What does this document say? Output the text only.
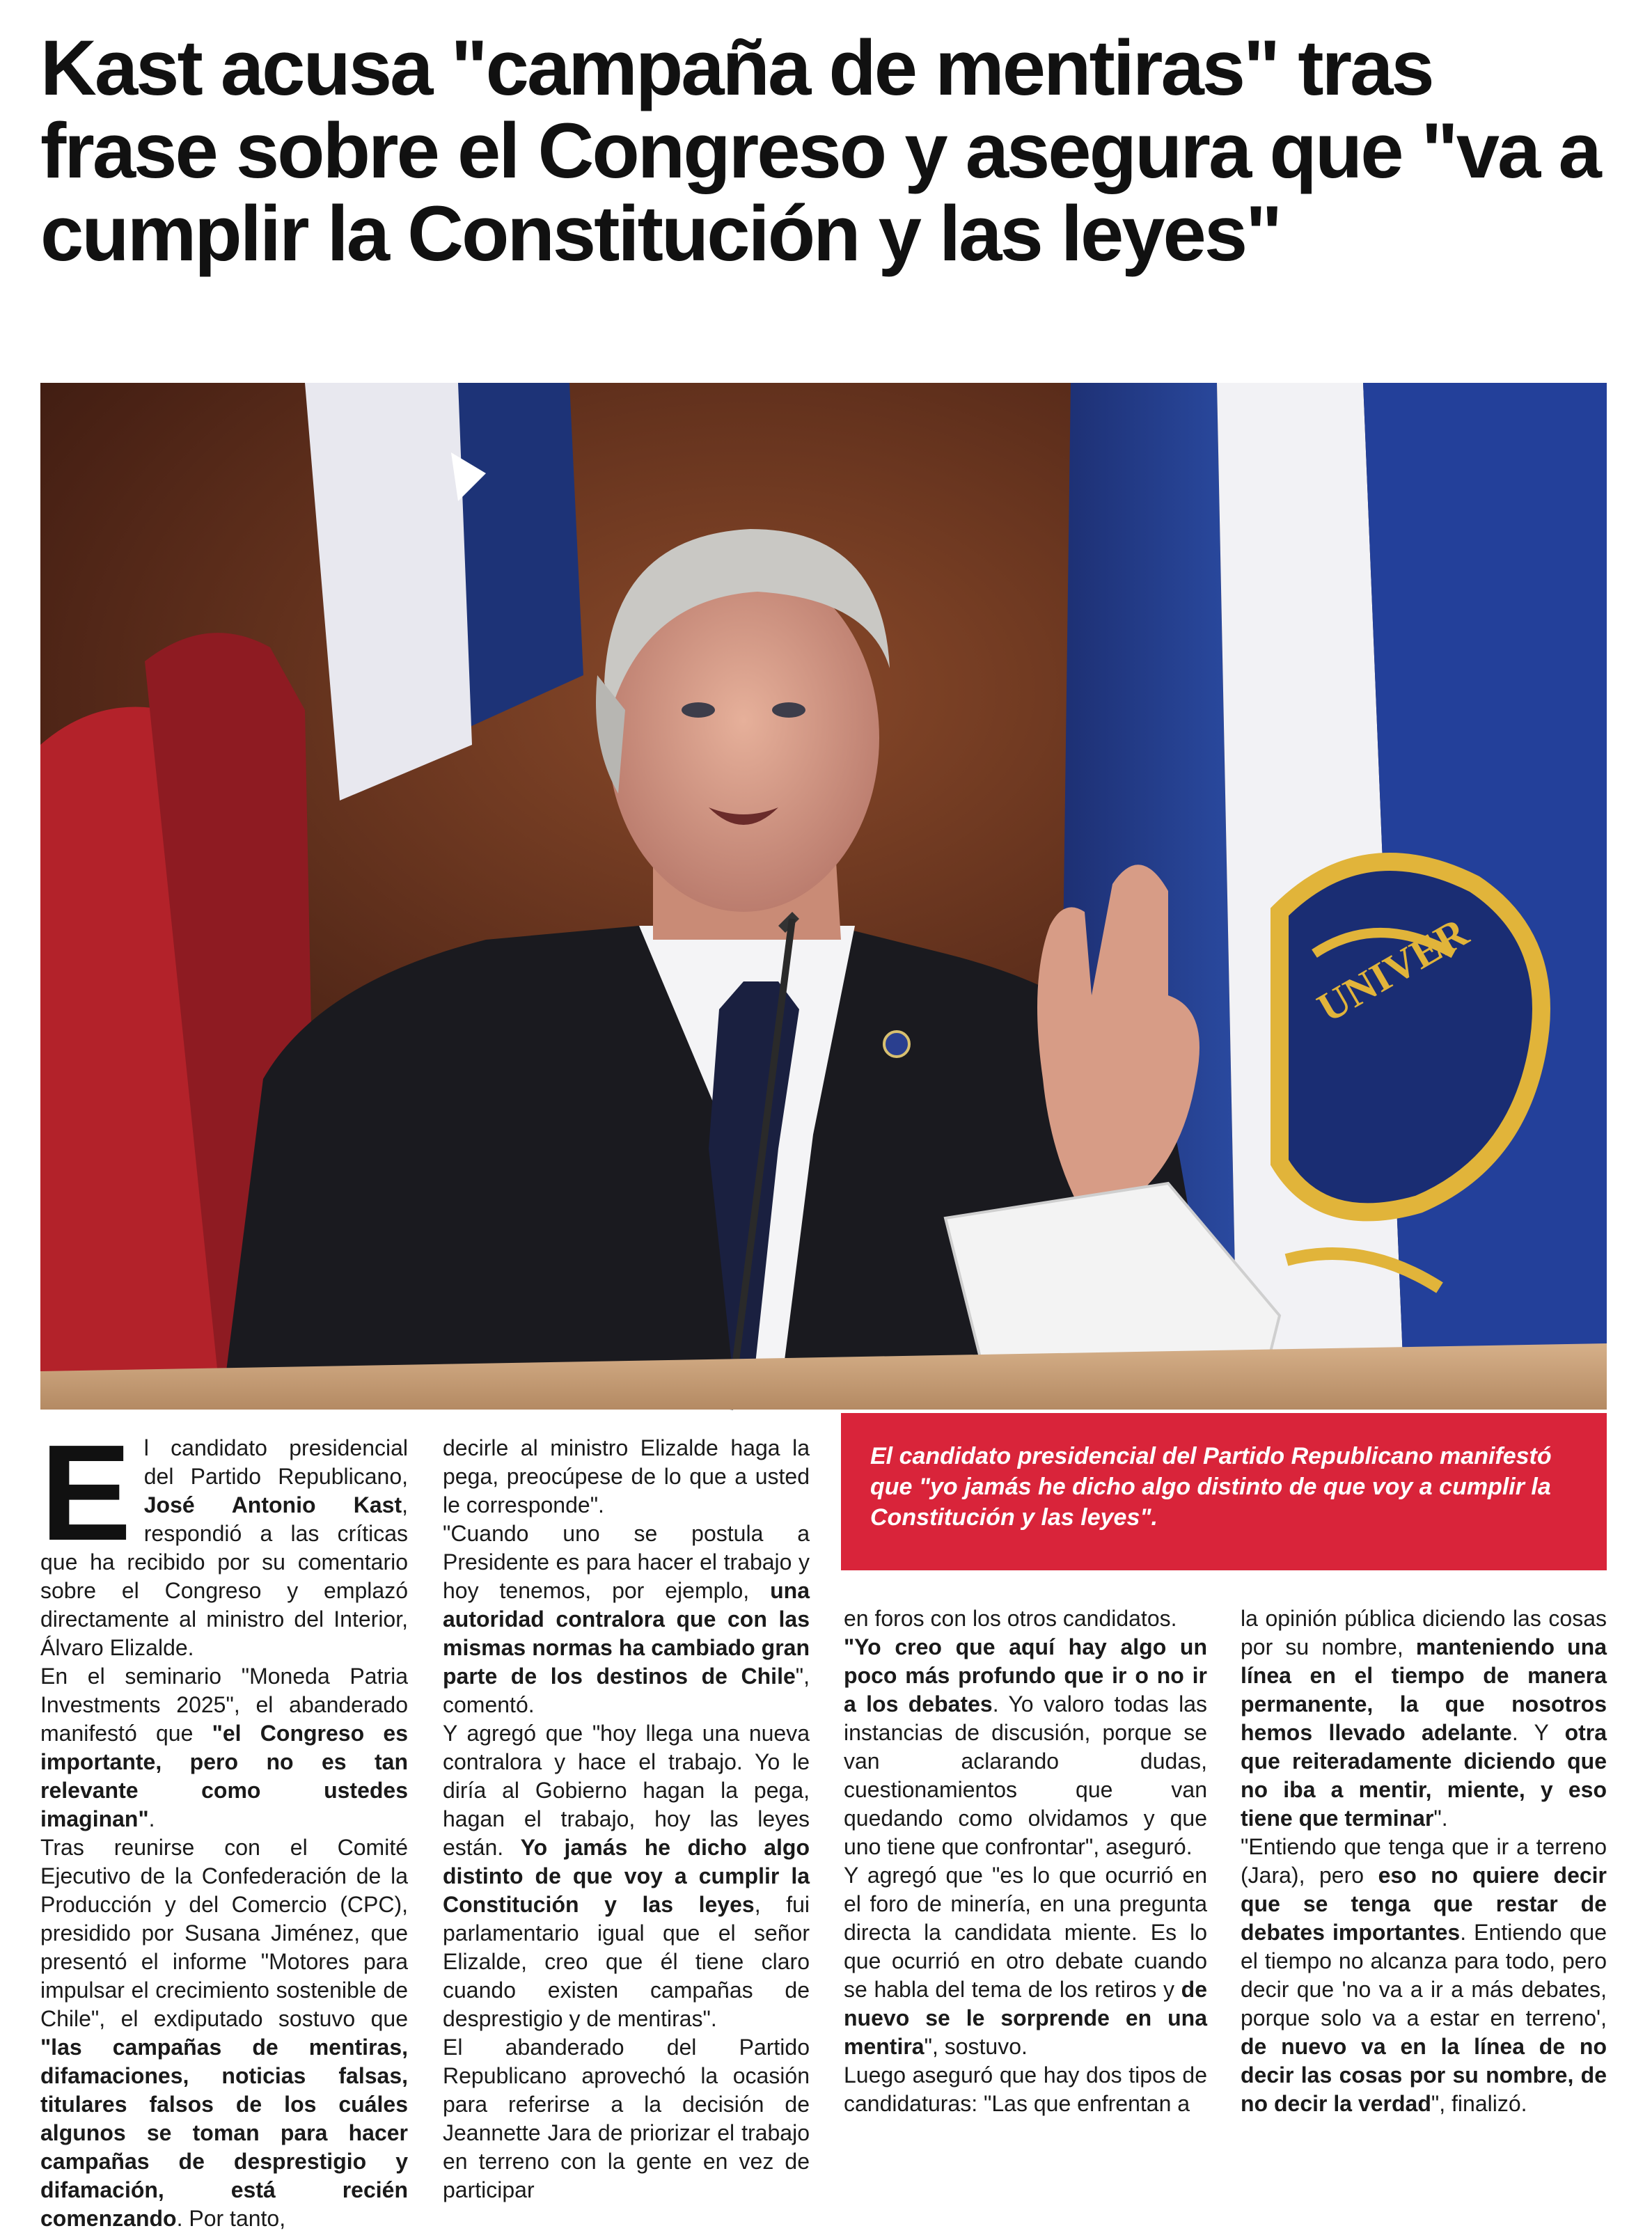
Kast acusa "campaña de mentiras" tras frase sobre el Congreso y asegura que "va a cumplir la Constitución y las leyes"
UNIVER

E l candidato presidencial del Partido Republicano, José Antonio Kast, respondió a las críticas que ha recibido por su comentario sobre el Congreso y emplazó directamente al ministro del Interior, Álvaro Elizalde.

En el seminario "Moneda Patria Investments 2025", el abanderado manifestó que "el Congreso es importante, pero no es tan relevante como ustedes imaginan".

Tras reunirse con el Comité Ejecutivo de la Confederación de la Producción y del Comercio (CPC), presidido por Susana Jiménez, que presentó el informe "Motores para impulsar el crecimiento sostenible de Chile", el exdiputado sostuvo que "las campañas de mentiras, difamaciones, noticias falsas, titulares falsos de los cuáles algunos se toman para hacer campañas de desprestigio y difamación, está recién comenzando. Por tanto,

decirle al ministro Elizalde haga la pega, preocúpese de lo que a usted le corresponde".

"Cuando uno se postula a Presidente es para hacer el trabajo y hoy tenemos, por ejemplo, una autoridad contralora que con las mismas normas ha cambiado gran parte de los destinos de Chile", comentó.

Y agregó que "hoy llega una nueva contralora y hace el trabajo. Yo le diría al Gobierno hagan la pega, hagan el trabajo, hoy las leyes están. Yo jamás he dicho algo distinto de que voy a cumplir la Constitución y las leyes, fui parlamentario igual que el señor Elizalde, creo que él tiene claro cuando existen campañas de desprestigio y de mentiras".

El abanderado del Partido Republicano aprovechó la ocasión para referirse a la decisión de Jeannette Jara de priorizar el trabajo en terreno con la gente en vez de participar

El candidato presidencial del Partido Republicano manifestó que "yo jamás he dicho algo distinto de que voy a cumplir la Constitución y las leyes".

en foros con los otros candidatos.

"Yo creo que aquí hay algo un poco más profundo que ir o no ir a los debates. Yo valoro todas las instancias de discusión, porque se van aclarando dudas, cuestionamientos que van quedando como olvidamos y que uno tiene que confrontar", aseguró.

Y agregó que "es lo que ocurrió en el foro de minería, en una pregunta directa la candidata miente. Es lo que ocurrió en otro debate cuando se habla del tema de los retiros y de nuevo se le sorprende en una mentira", sostuvo.

Luego aseguró que hay dos tipos de candidaturas: "Las que enfrentan a

la opinión pública diciendo las cosas por su nombre, manteniendo una línea en el tiempo de manera permanente, la que nosotros hemos llevado adelante. Y otra que reiteradamente diciendo que no iba a mentir, miente, y eso tiene que terminar".

"Entiendo que tenga que ir a terreno (Jara), pero eso no quiere decir que se tenga que restar de debates importantes. Entiendo que el tiempo no alcanza para todo, pero decir que 'no va a ir a más debates, porque solo va a estar en terreno', de nuevo va en la línea de no decir las cosas por su nombre, de no decir la verdad", finalizó.
